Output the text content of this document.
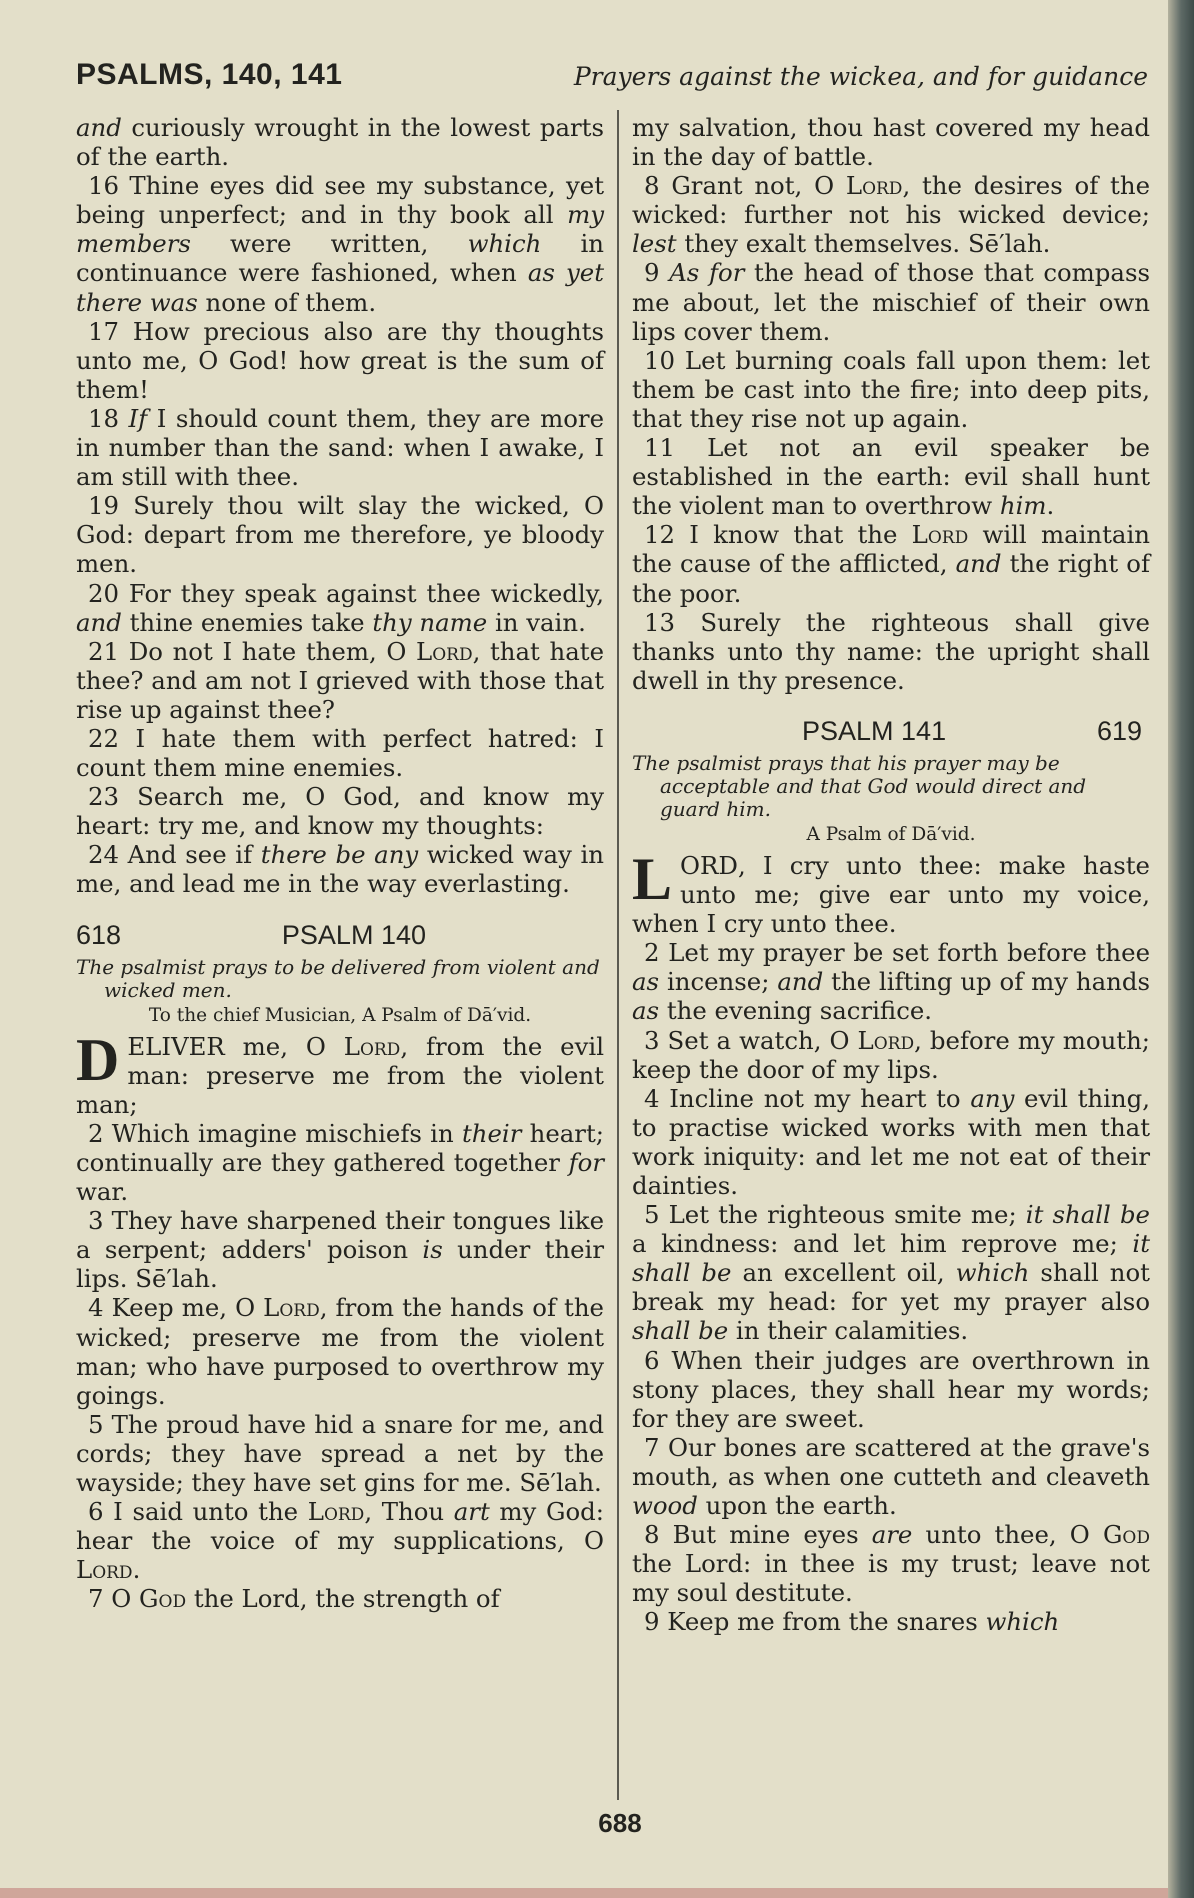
PSALMS, 140, 141	Prayers against the wickea, and for guidance

and curiously wrought in the lowest parts of the earth.

16 Thine eyes did see my substance, yet being unperfect; and in thy book all my members were written, which in continuance were fashioned, when as yet there was none of them.

17 How precious also are thy thoughts unto me, O God! how great is the sum of them!

18 If I should count them, they are more in number than the sand: when I awake, I am still with thee.

19 Surely thou wilt slay the wicked, O God: depart from me therefore, ye bloody men.

20 For they speak against thee wickedly, and thine enemies take thy name in vain.

21 Do not I hate them, O Lord, that hate thee? and am not I grieved with those that rise up against thee?

22 I hate them with perfect hatred: I count them mine enemies.

23 Search me, O God, and know my heart: try me, and know my thoughts:

24 And see if there be any wicked way in me, and lead me in the way everlasting.

618	PSALM 140

The psalmist prays to be delivered from violent and wicked men.

To the chief Musician, A Psalm of Dā′vid.

DELIVER me, O Lord, from the evil man: preserve me from the violent man;

2 Which imagine mischiefs in their heart; continually are they gathered together for war.

3 They have sharpened their tongues like a serpent; adders' poison is under their lips. Sē′lah.

4 Keep me, O Lord, from the hands of the wicked; preserve me from the violent man; who have purposed to overthrow my goings.

5 The proud have hid a snare for me, and cords; they have spread a net by the wayside; they have set gins for me. Sē′lah.

6 I said unto the Lord, Thou art my God: hear the voice of my supplications, O Lord.

7 O God the Lord, the strength of

my salvation, thou hast covered my head in the day of battle.

8 Grant not, O Lord, the desires of the wicked: further not his wicked device; lest they exalt themselves. Sē′lah.

9 As for the head of those that compass me about, let the mischief of their own lips cover them.

10 Let burning coals fall upon them: let them be cast into the fire; into deep pits, that they rise not up again.

11 Let not an evil speaker be established in the earth: evil shall hunt the violent man to overthrow him.

12 I know that the Lord will maintain the cause of the afflicted, and the right of the poor.

13 Surely the righteous shall give thanks unto thy name: the upright shall dwell in thy presence.

PSALM 141	619

The psalmist prays that his prayer may be acceptable and that God would direct and guard him.

A Psalm of Dā′vid.

LORD, I cry unto thee: make haste unto me; give ear unto my voice, when I cry unto thee.

2 Let my prayer be set forth before thee as incense; and the lifting up of my hands as the evening sacrifice.

3 Set a watch, O Lord, before my mouth; keep the door of my lips.

4 Incline not my heart to any evil thing, to practise wicked works with men that work iniquity: and let me not eat of their dainties.

5 Let the righteous smite me; it shall be a kindness: and let him reprove me; it shall be an excellent oil, which shall not break my head: for yet my prayer also shall be in their calamities.

6 When their judges are overthrown in stony places, they shall hear my words; for they are sweet.

7 Our bones are scattered at the grave's mouth, as when one cutteth and cleaveth wood upon the earth.

8 But mine eyes are unto thee, O God the Lord: in thee is my trust; leave not my soul destitute.

9 Keep me from the snares which

688
